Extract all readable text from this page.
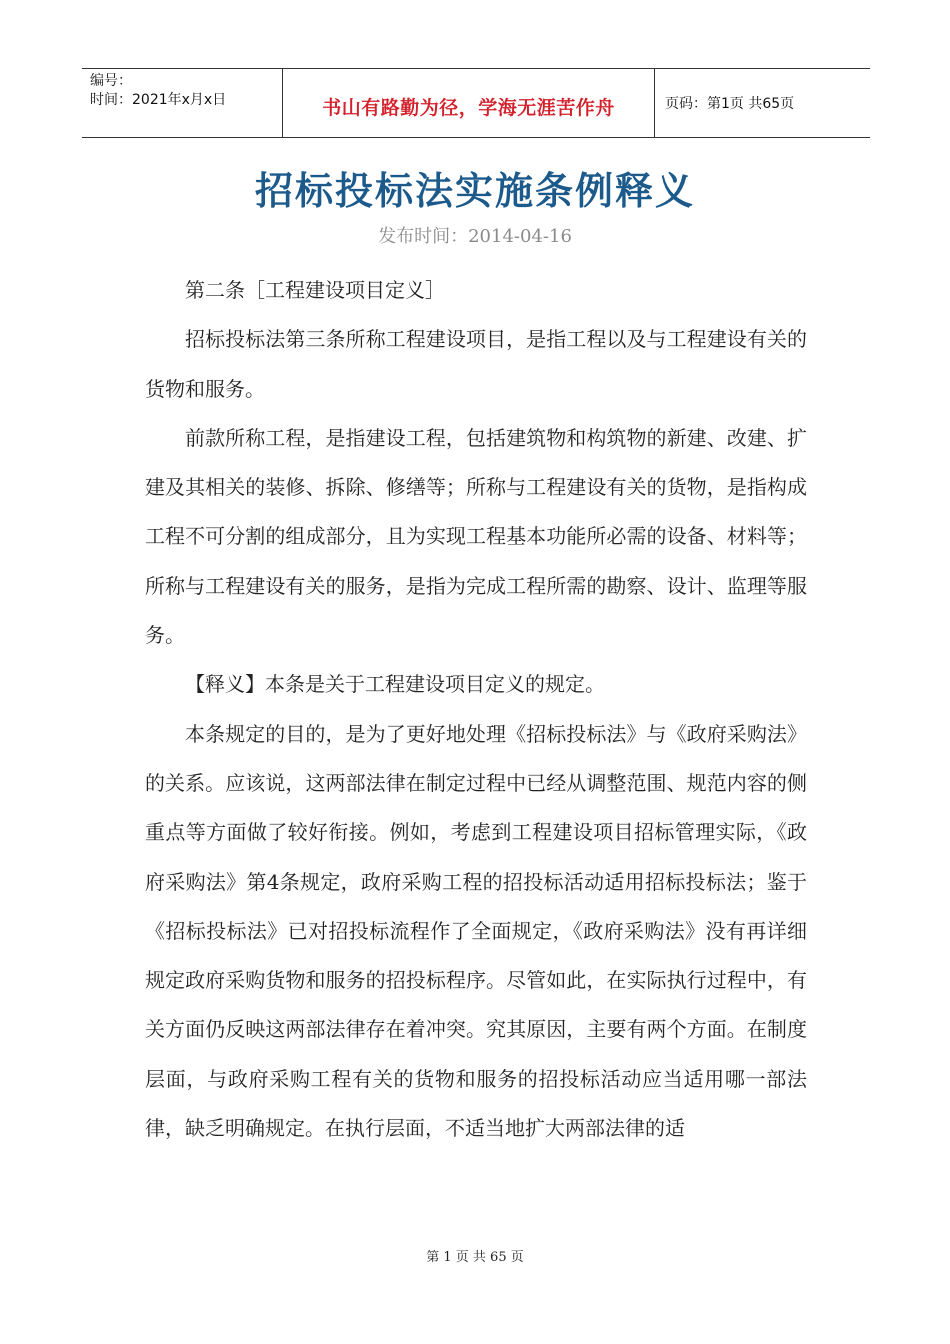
编号：
时间：2021年x月x日	书山有路勤为径，学海无涯苦作舟	页码：第1页 共65页
招标投标法实施条例释义
发布时间：2014-04-16

第二条［工程建设项目定义］

招标投标法第三条所称工程建设项目，是指工程以及与工程建设有关的货物和服务。

前款所称工程，是指建设工程，包括建筑物和构筑物的新建、改建、扩建及其相关的装修、拆除、修缮等；所称与工程建设有关的货物，是指构成工程不可分割的组成部分，且为实现工程基本功能所必需的设备、材料等；所称与工程建设有关的服务，是指为完成工程所需的勘察、设计、监理等服务。

【释义】本条是关于工程建设项目定义的规定。

本条规定的目的，是为了更好地处理《招标投标法》与《政府采购法》的关系。应该说，这两部法律在制定过程中已经从调整范围、规范内容的侧重点等方面做了较好衔接。例如，考虑到工程建设项目招标管理实际，《政府采购法》第4条规定，政府采购工程的招投标活动适用招标投标法；鉴于《招标投标法》已对招投标流程作了全面规定，《政府采购法》没有再详细规定政府采购货物和服务的招投标程序。尽管如此，在实际执行过程中，有关方面仍反映这两部法律存在着冲突。究其原因，主要有两个方面。在制度层面，与政府采购工程有关的货物和服务的招投标活动应当适用哪一部法律，缺乏明确规定。在执行层面，不适当地扩大两部法律的适

第 1 页 共 65 页
